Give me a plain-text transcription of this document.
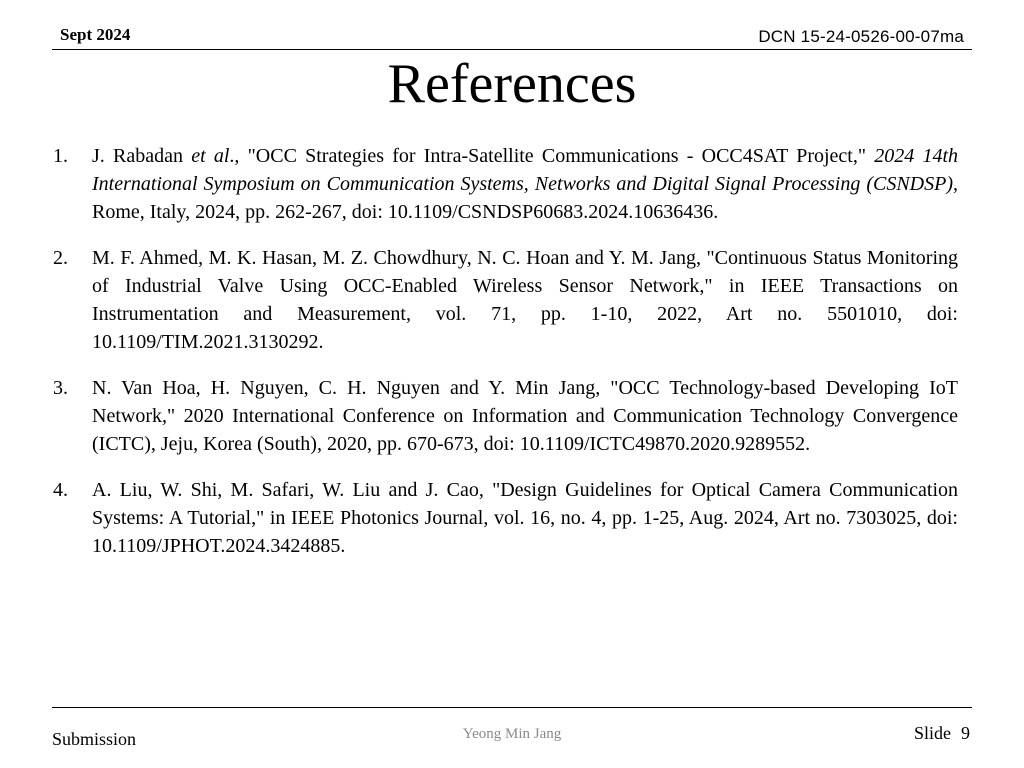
Sept 2024	DCN 15-24-0526-00-07ma
References
1. J. Rabadan et al., "OCC Strategies for Intra-Satellite Communications - OCC4SAT Project," 2024 14th International Symposium on Communication Systems, Networks and Digital Signal Processing (CSNDSP), Rome, Italy, 2024, pp. 262-267, doi: 10.1109/CSNDSP60683.2024.10636436.
2. M. F. Ahmed, M. K. Hasan, M. Z. Chowdhury, N. C. Hoan and Y. M. Jang, "Continuous Status Monitoring of Industrial Valve Using OCC-Enabled Wireless Sensor Network," in IEEE Transactions on Instrumentation and Measurement, vol. 71, pp. 1-10, 2022, Art no. 5501010, doi: 10.1109/TIM.2021.3130292.
3. N. Van Hoa, H. Nguyen, C. H. Nguyen and Y. Min Jang, "OCC Technology-based Developing IoT Network," 2020 International Conference on Information and Communication Technology Convergence (ICTC), Jeju, Korea (South), 2020, pp. 670-673, doi: 10.1109/ICTC49870.2020.9289552.
4. A. Liu, W. Shi, M. Safari, W. Liu and J. Cao, "Design Guidelines for Optical Camera Communication Systems: A Tutorial," in IEEE Photonics Journal, vol. 16, no. 4, pp. 1-25, Aug. 2024, Art no. 7303025, doi: 10.1109/JPHOT.2024.3424885.
Submission	Yeong Min Jang	Slide 9
